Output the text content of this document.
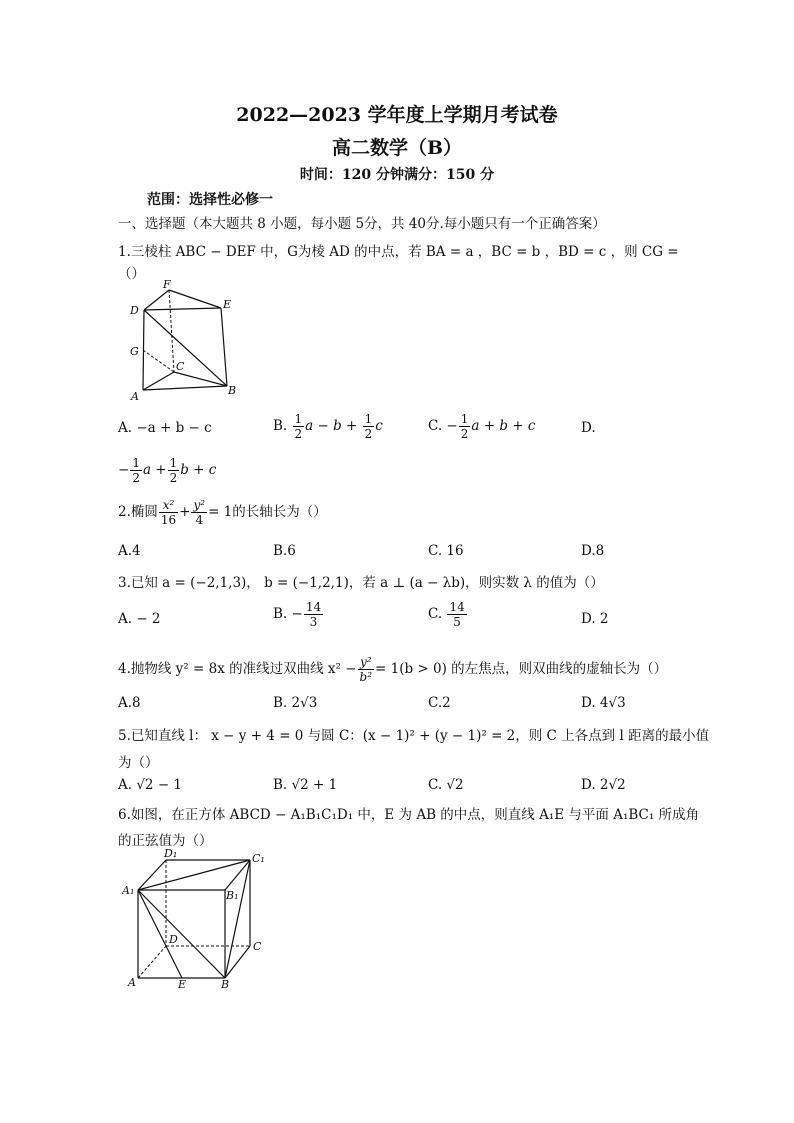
2022—2023 学年度上学期月考试卷
高二数学（B）
时间：120 分钟满分：150 分
范围：选择性必修一
一、选择题（本大题共 8 小题，每小题 5分，共 40分.每小题只有一个正确答案）
1.三棱柱 ABC − DEF 中，G为棱 AD 的中点，若 BA = a ，BC = b ，BD = c ，则 CG =
（）
F
E
D
G
C
A	B
A. −a + b − c	B. $\frac{1}{2}$ $a - b + \frac{1}{2}$ c	C. − $\frac{1}{2}$ a + b + c	D.
− $\frac{1}{2}$ $a + \frac{1}{2}$ b + c
2.椭圆 $\frac{\text{x²}}{16} + \frac{\text{y²}}{4} = 1$的长轴长为（）
A.4	B.6	C. 16	D.8
3.已知 a = (−2,1,3)， b = (−1,2,1)，若 a ⊥ (a − λb)，则实数 λ 的值为（）
A. − 2	B. − $\frac{14}{3}$	C. $\frac{14}{5}$	D. 2
4.抛物线 y² = 8x 的准线过双曲线 $x^2 - \frac{\text{y²}}{\text{b²}} = 1(b > 0)$ 的左焦点，则双曲线的虚轴长为（）
A.8	B. 2√3	C.2	D. 4√3
5.已知直线 l： x − y + 4 = 0 与圆 C：(x − 1)² + (y − 1)² = 2，则 C 上各点到 l 距离的最小值
为（）
A. √2 − 1	B. √2 + 1	C. √2	D. 2√2
6.如图，在正方体 ABCD − A₁B₁C₁D₁ 中，E 为 AB 的中点，则直线 A₁E 与平面 A₁BC₁ 所成角
的正弦值为（）
D₁	C₁
A₁	B₁
D
C
A	E	B
